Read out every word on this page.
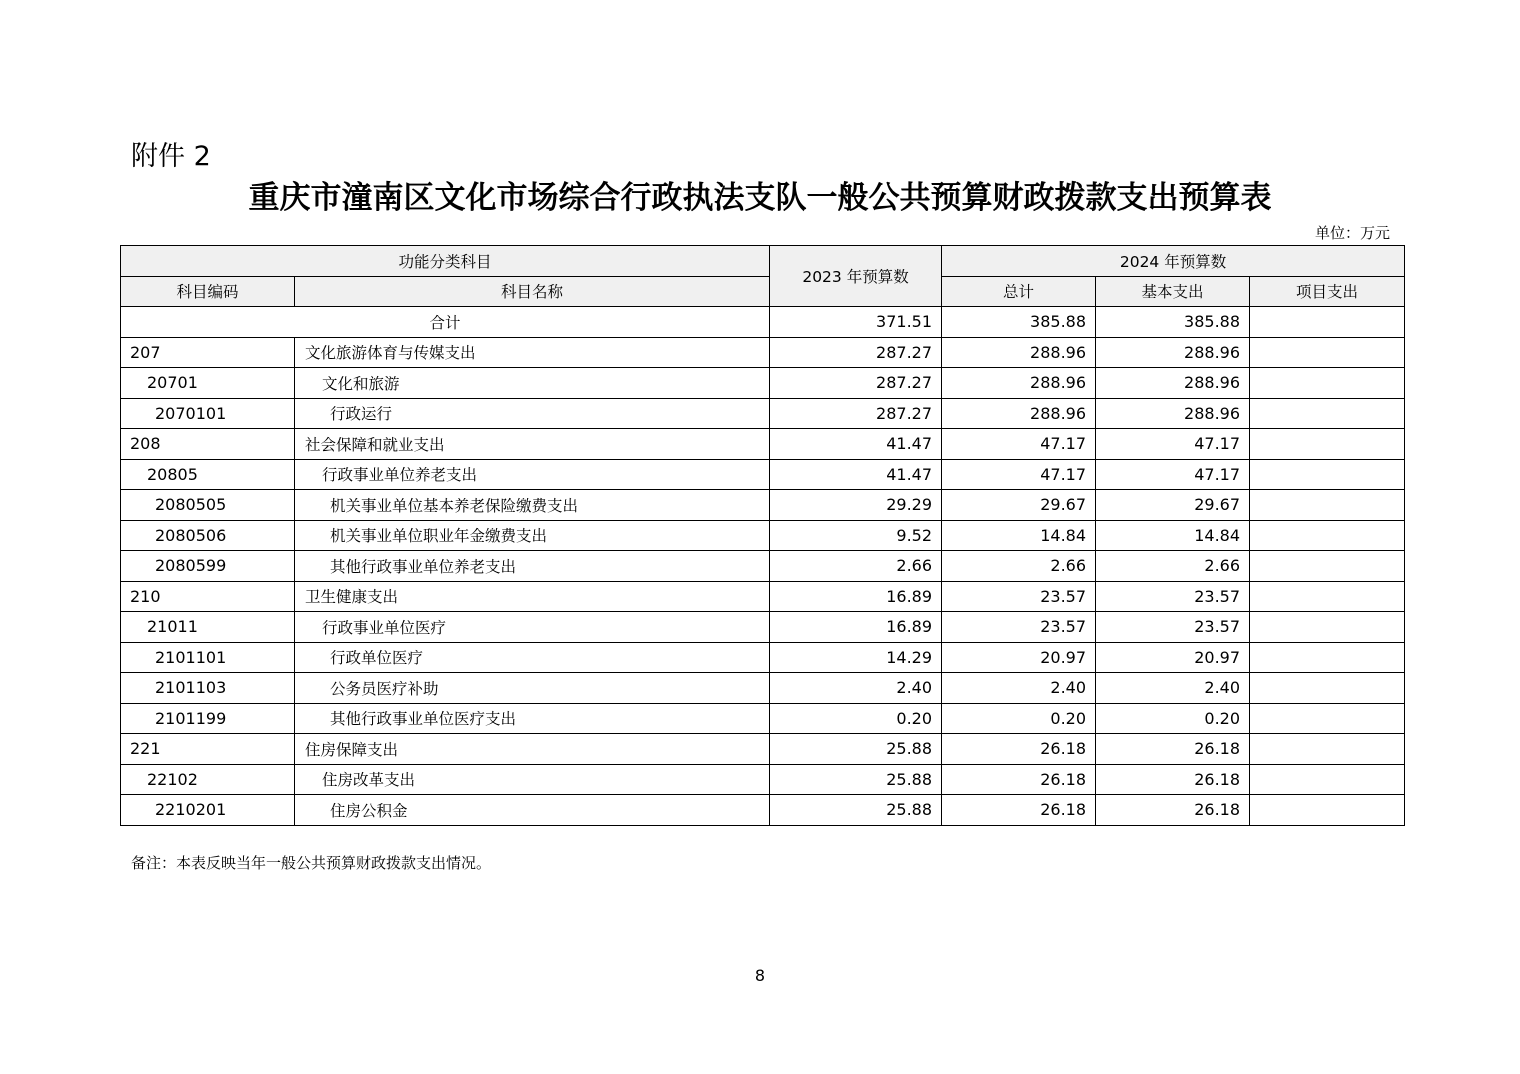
附件 2
重庆市潼南区文化市场综合行政执法支队一般公共预算财政拨款支出预算表
单位：万元
功能分类科目		2023 年预算数	2024 年预算数		
科目编码	科目名称		总计	基本支出	项目支出
合计		371.51	385.88	385.88	
207	文化旅游体育与传媒支出	287.27	288.96	288.96	
20701	文化和旅游	287.27	288.96	288.96	
2070101	行政运行	287.27	288.96	288.96	
208	社会保障和就业支出	41.47	47.17	47.17	
20805	行政事业单位养老支出	41.47	47.17	47.17	
2080505	机关事业单位基本养老保险缴费支出	29.29	29.67	29.67	
2080506	机关事业单位职业年金缴费支出	9.52	14.84	14.84	
2080599	其他行政事业单位养老支出	2.66	2.66	2.66	
210	卫生健康支出	16.89	23.57	23.57	
21011	行政事业单位医疗	16.89	23.57	23.57	
2101101	行政单位医疗	14.29	20.97	20.97	
2101103	公务员医疗补助	2.40	2.40	2.40	
2101199	其他行政事业单位医疗支出	0.20	0.20	0.20	
221	住房保障支出	25.88	26.18	26.18	
22102	住房改革支出	25.88	26.18	26.18	
2210201	住房公积金	25.88	26.18	26.18	
备注：本表反映当年一般公共预算财政拨款支出情况。
8
